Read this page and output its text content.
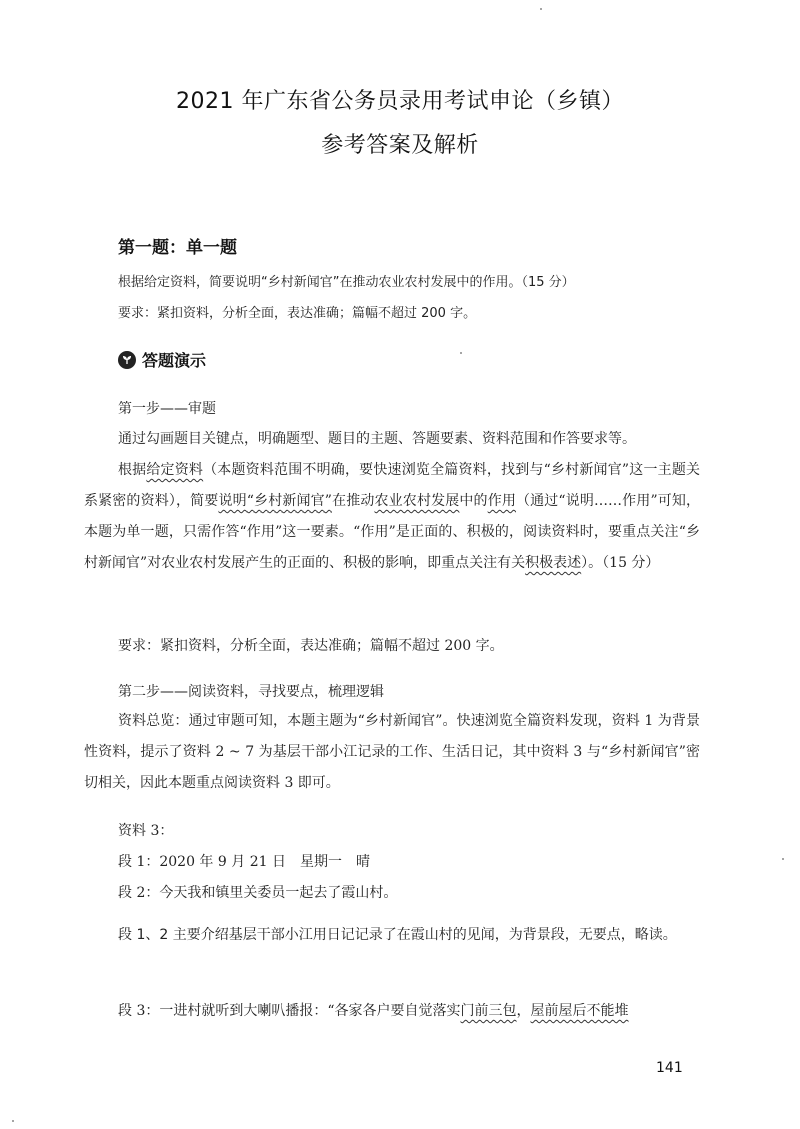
2021 年广东省公务员录用考试申论（乡镇）
参考答案及解析
第一题：单一题
根据给定资料，简要说明“乡村新闻官”在推动农业农村发展中的作用。（15 分）
要求：紧扣资料，分析全面，表达准确；篇幅不超过 200 字。
答题演示
第一步——审题
通过勾画题目关键点，明确题型、题目的主题、答题要素、资料范围和作答要求等。
根据给定资料（本题资料范围不明确，要快速浏览全篇资料，找到与“乡村新闻官”这一主题关系紧密的资料），简要说明“乡村新闻官”在推动农业农村发展中的作用（通过“说明……作用”可知，本题为单一题，只需作答“作用”这一要素。“作用”是正面的、积极的，阅读资料时，要重点关注“乡村新闻官”对农业农村发展产生的正面的、积极的影响，即重点关注有关积极表述）。（15 分）
要求：紧扣资料，分析全面，表达准确；篇幅不超过 200 字。
第二步——阅读资料，寻找要点，梳理逻辑
资料总览：通过审题可知，本题主题为“乡村新闻官”。快速浏览全篇资料发现，资料 1 为背景性资料，提示了资料 2 ~ 7 为基层干部小江记录的工作、生活日记，其中资料 3 与“乡村新闻官”密切相关，因此本题重点阅读资料 3 即可。
资料 3：
段 1：2020 年 9 月 21 日　星期一　晴
段 2：今天我和镇里关委员一起去了霞山村。
段 1、2 主要介绍基层干部小江用日记记录了在霞山村的见闻，为背景段，无要点，略读。
段 3：一进村就听到大喇叭播报：“各家各户要自觉落实门前三包，屋前屋后不能堆
141
